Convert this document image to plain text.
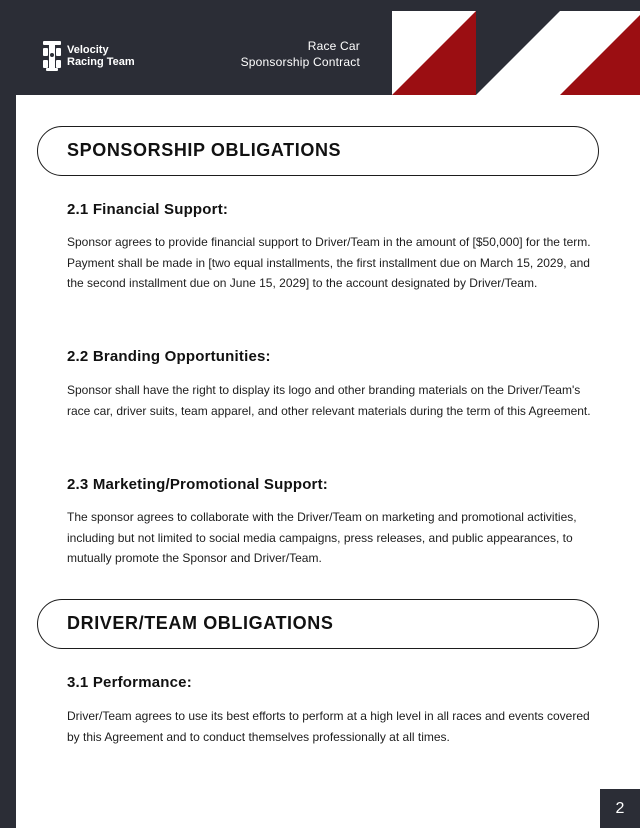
Velocity
Racing Team
Race Car
Sponsorship Contract
SPONSORSHIP OBLIGATIONS
2.1 Financial Support:
Sponsor agrees to provide financial support to Driver/Team in the amount of [$50,000] for the term. Payment shall be made in [two equal installments, the first installment due on March 15, 2029, and the second installment due on June 15, 2029] to the account designated by Driver/Team.
2.2 Branding Opportunities:
Sponsor shall have the right to display its logo and other branding materials on the Driver/Team's race car, driver suits, team apparel, and other relevant materials during the term of this Agreement.
2.3 Marketing/Promotional Support:
The sponsor agrees to collaborate with the Driver/Team on marketing and promotional activities, including but not limited to social media campaigns, press releases, and public appearances, to mutually promote the Sponsor and Driver/Team.
DRIVER/TEAM OBLIGATIONS
3.1 Performance:
Driver/Team agrees to use its best efforts to perform at a high level in all races and events covered by this Agreement and to conduct themselves professionally at all times.
2
